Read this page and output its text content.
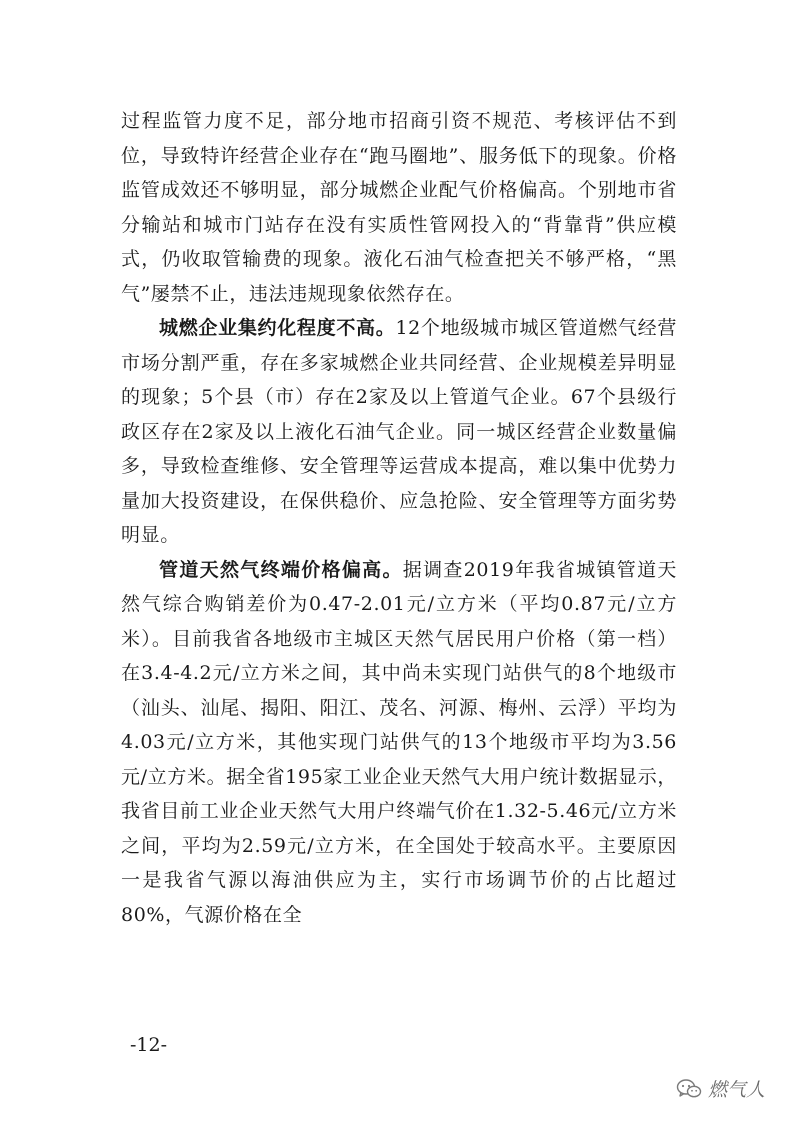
过程监管力度不足，部分地市招商引资不规范、考核评估不到位，导致特许经营企业存在“跑马圈地”、服务低下的现象。价格监管成效还不够明显，部分城燃企业配气价格偏高。个别地市省分输站和城市门站存在没有实质性管网投入的“背靠背”供应模式，仍收取管输费的现象。液化石油气检查把关不够严格，“黑气”屡禁不止，违法违规现象依然存在。

城燃企业集约化程度不高。12个地级城市城区管道燃气经营市场分割严重，存在多家城燃企业共同经营、企业规模差异明显的现象；5个县（市）存在2家及以上管道气企业。67个县级行政区存在2家及以上液化石油气企业。同一城区经营企业数量偏多，导致检查维修、安全管理等运营成本提高，难以集中优势力量加大投资建设，在保供稳价、应急抢险、安全管理等方面劣势明显。

管道天然气终端价格偏高。据调查2019年我省城镇管道天然气综合购销差价为0.47-2.01元/立方米（平均0.87元/立方米）。目前我省各地级市主城区天然气居民用户价格（第一档）在3.4-4.2元/立方米之间，其中尚未实现门站供气的8个地级市（汕头、汕尾、揭阳、阳江、茂名、河源、梅州、云浮）平均为4.03元/立方米，其他实现门站供气的13个地级市平均为3.56元/立方米。据全省195家工业企业天然气大用户统计数据显示，我省目前工业企业天然气大用户终端气价在1.32-5.46元/立方米之间，平均为2.59元/立方米，在全国处于较高水平。主要原因一是我省气源以海油供应为主，实行市场调节价的占比超过80%，气源价格在全

-12-
燃气人
